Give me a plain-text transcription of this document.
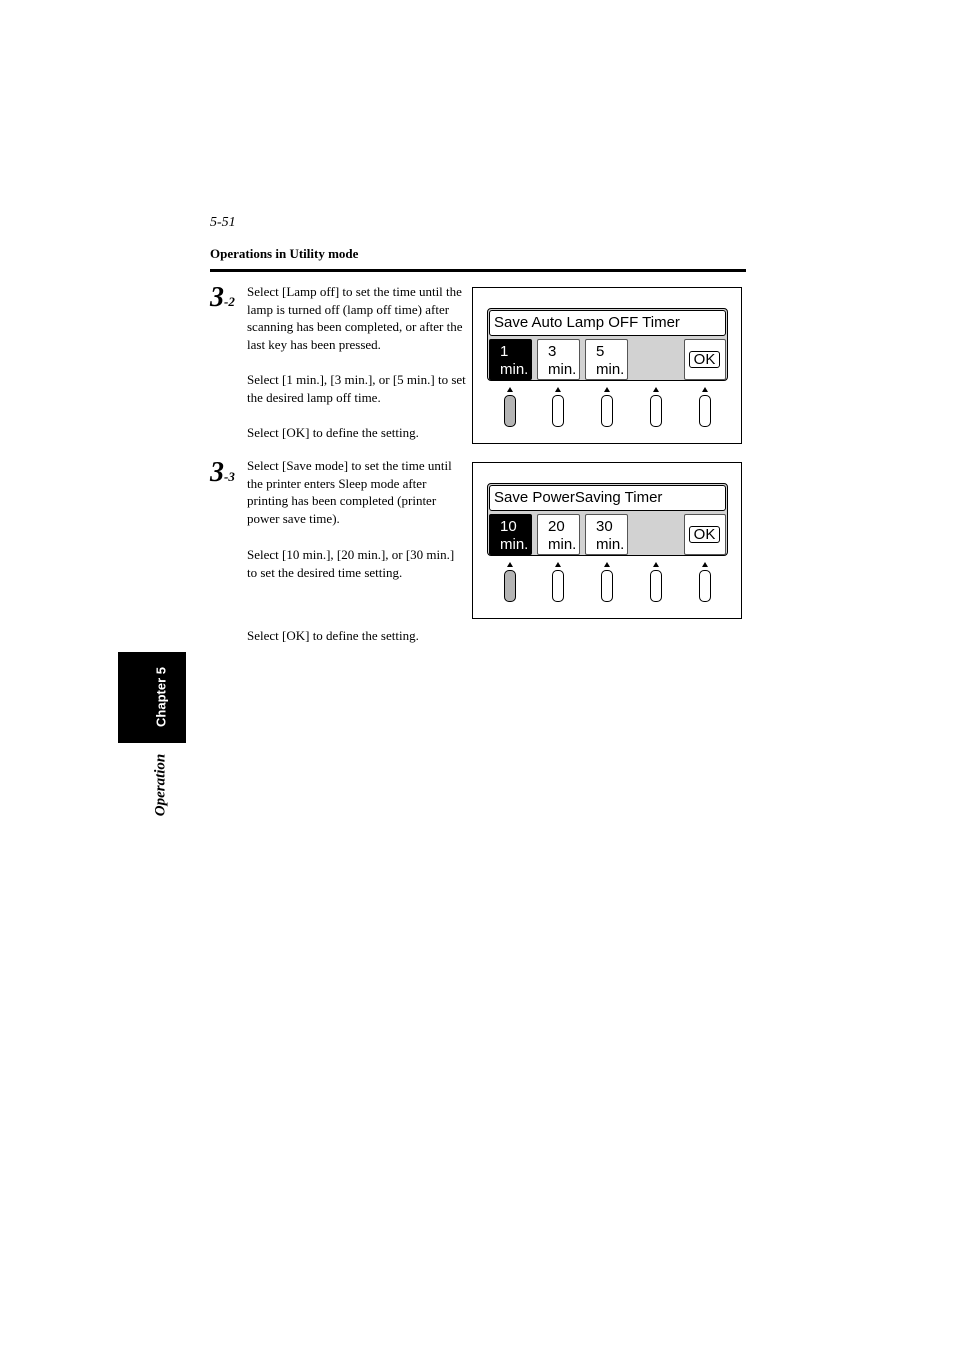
5-51
Operations in Utility mode
3-2
Select [Lamp off] to set the time until the lamp is turned off (lamp off time) after scanning has been completed, or after the last key has been pressed.
Select [1 min.], [3 min.], or [5 min.] to set the desired lamp off time.
Select [OK] to define the setting.
Save Auto Lamp OFF Timer
1
min.
3
min.
5
min.
OK
3-3
Select [Save mode] to set the time until the printer enters Sleep mode after printing has been completed (printer power save time).
Select [10 min.], [20 min.], or [30 min.] to set the desired time setting.
Select [OK] to define the setting.
Save PowerSaving Timer
10
min.
20
min.
30
min.
OK
Chapter 5
Operation
